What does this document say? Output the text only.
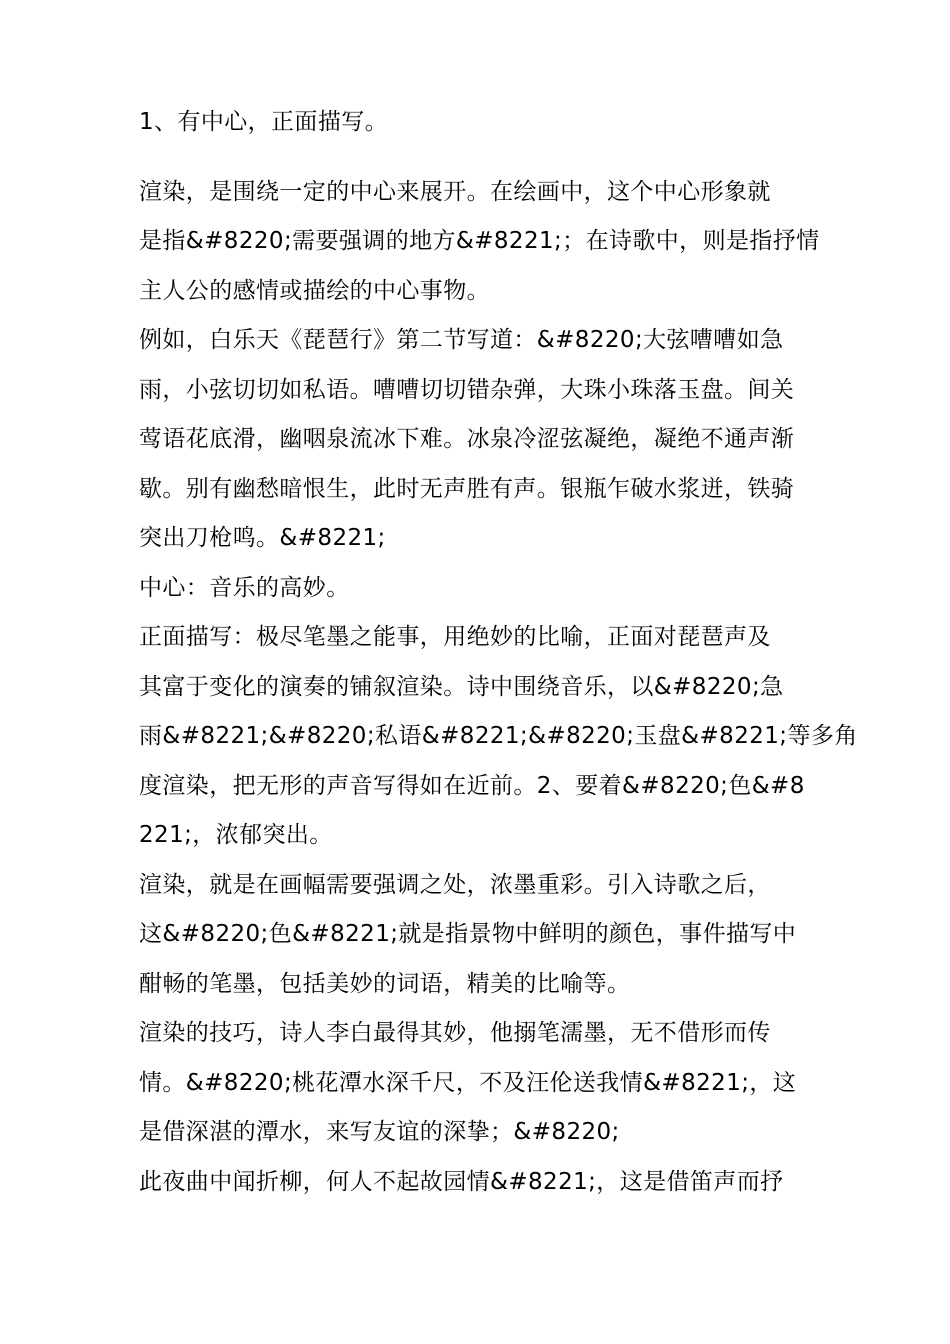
1、有中心，正面描写。
渲染，是围绕一定的中心来展开。在绘画中，这个中心形象就
是指&#8220;需要强调的地方&#8221;；在诗歌中，则是指抒情
主人公的感情或描绘的中心事物。
例如，白乐天《琵琶行》第二节写道：&#8220;大弦嘈嘈如急
雨，小弦切切如私语。嘈嘈切切错杂弹，大珠小珠落玉盘。间关
莺语花底滑，幽咽泉流冰下难。冰泉冷涩弦凝绝，凝绝不通声渐
歇。别有幽愁暗恨生，此时无声胜有声。银瓶乍破水浆迸，铁骑
突出刀枪鸣。&#8221;
中心：音乐的高妙。
正面描写：极尽笔墨之能事，用绝妙的比喻，正面对琵琶声及
其富于变化的演奏的铺叙渲染。诗中围绕音乐，以&#8220;急
雨&#8221;&#8220;私语&#8221;&#8220;玉盘&#8221;等多角
度渲染，把无形的声音写得如在近前。2、要着&#8220;色&#8
221;，浓郁突出。
渲染，就是在画幅需要强调之处，浓墨重彩。引入诗歌之后，
这&#8220;色&#8221;就是指景物中鲜明的颜色，事件描写中
酣畅的笔墨，包括美妙的词语，精美的比喻等。
渲染的技巧，诗人李白最得其妙，他搦笔濡墨，无不借形而传
情。&#8220;桃花潭水深千尺，不及汪伦送我情&#8221;，这
是借深湛的潭水，来写友谊的深挚；&#8220;
此夜曲中闻折柳，何人不起故园情&#8221;，这是借笛声而抒
